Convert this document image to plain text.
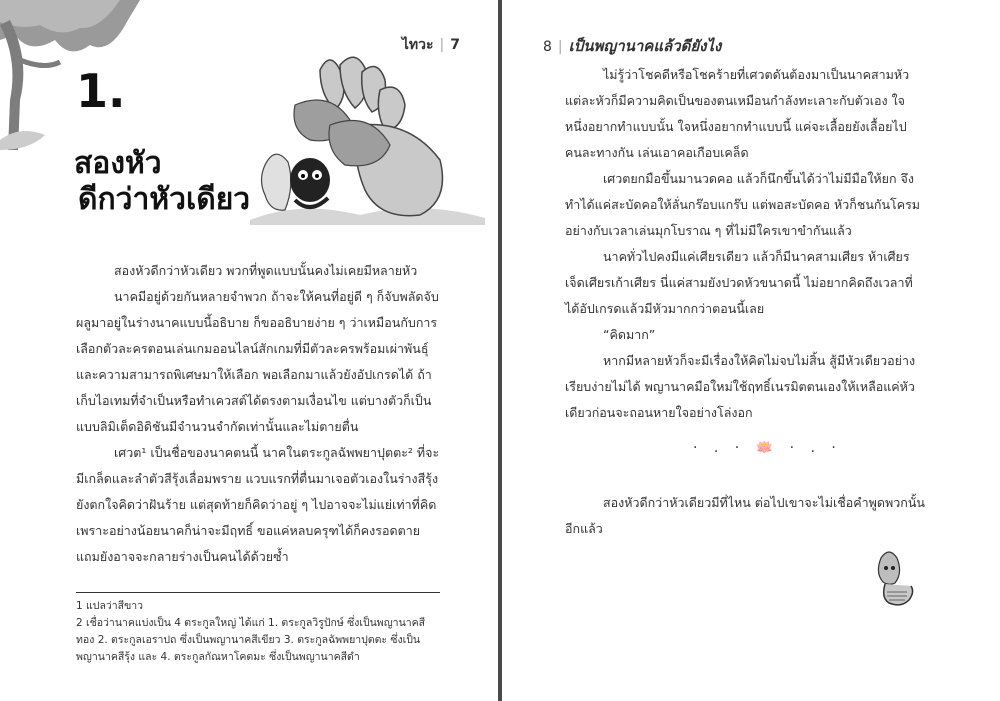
ไทวะ | 7
1.
สองหัว
ดีกว่าหัวเดียว

สองหัวดีกว่าหัวเดียว พวกที่พูดแบบนั้นคงไม่เคยมีหลายหัว

นาคมีอยู่ด้วยกันหลายจำพวก ถ้าจะให้คนที่อยู่ดี ๆ ก็จับพลัดจับผลูมาอยู่ในร่างนาคแบบนี้อธิบาย ก็ขออธิบายง่าย ๆ ว่าเหมือนกับการเลือกตัวละครตอนเล่นเกมออนไลน์สักเกมที่มีตัวละครพร้อมเผ่าพันธุ์และความสามารถพิเศษมาให้เลือก พอเลือกมาแล้วยังอัปเกรดได้ ถ้าเก็บไอเทมที่จำเป็นหรือทำเควสต์ได้ตรงตามเงื่อนไข แต่บางตัวก็เป็นแบบลิมิเต็ดอิดิชันมีจำนวนจำกัดเท่านั้นและไม่ตายตื่น

เศวต¹ เป็นชื่อของนาคตนนี้ นาคในตระกูลฉัพพยาปุตตะ² ที่จะมีเกล็ดและลำตัวสีรุ้งเลื่อมพราย แวบแรกที่ตื่นมาเจอตัวเองในร่างสีรุ้งยังตกใจคิดว่าฝันร้าย แต่สุดท้ายก็คิดว่าอยู่ ๆ ไปอาจจะไม่แย่เท่าที่คิด เพราะอย่างน้อยนาคก็น่าจะมีฤทธิ์ ขอแค่หลบครุฑได้ก็คงรอดตาย แถมยังอาจจะกลายร่างเป็นคนได้ด้วยซ้ำ

1 แปลว่าสีขาว

2 เชื่อว่านาคแบ่งเป็น 4 ตระกูลใหญ่ ได้แก่ 1. ตระกูลวิรูปักษ์ ซึ่งเป็นพญานาคสีทอง 2. ตระกูลเอราปถ ซึ่งเป็นพญานาคสีเขียว 3. ตระกูลฉัพพยาปุตตะ ซึ่งเป็นพญานาคสีรุ้ง และ 4. ตระกูลกัณหาโคตมะ ซึ่งเป็นพญานาคสีดำ

8 | เป็นพญานาคแล้วดียังไง

ไม่รู้ว่าโชคดีหรือโชคร้ายที่เศวตดันต้องมาเป็นนาคสามหัว แต่ละหัวก็มีความคิดเป็นของตนเหมือนกำลังทะเลาะกับตัวเอง ใจหนึ่งอยากทำแบบนั้น ใจหนึ่งอยากทำแบบนี้ แค่จะเลื้อยยังเลื้อยไปคนละทางกัน เล่นเอาคอเกือบเคล็ด

เศวตยกมือขึ้นมานวดคอ แล้วก็นึกขึ้นได้ว่าไม่มีมือให้ยก จึงทำได้แค่สะบัดคอให้ลั่นกร๊อบแกร๊บ แต่พอสะบัดคอ หัวก็ชนกันโครมอย่างกับเวลาเล่นมุกโบราณ ๆ ที่ไม่มีใครเขาขำกันแล้ว

นาคทั่วไปคงมีแค่เศียรเดียว แล้วก็มีนาคสามเศียร ห้าเศียร เจ็ดเศียรเก้าเศียร นี่แค่สามยังปวดหัวขนาดนี้ ไม่อยากคิดถึงเวลาที่ได้อัปเกรดแล้วมีหัวมากกว่าตอนนี้เลย

“คิดมาก”

หากมีหลายหัวก็จะมีเรื่องให้คิดไม่จบไม่สิ้น สู้มีหัวเดียวอย่างเรียบง่ายไม่ได้ พญานาคมือใหม่ใช้ฤทธิ์เนรมิตตนเองให้เหลือแค่หัวเดียวก่อนจะถอนหายใจอย่างโล่งอก

· . · 🪷 · . ·

สองหัวดีกว่าหัวเดียวมีที่ไหน ต่อไปเขาจะไม่เชื่อคำพูดพวกนั้นอีกแล้ว
